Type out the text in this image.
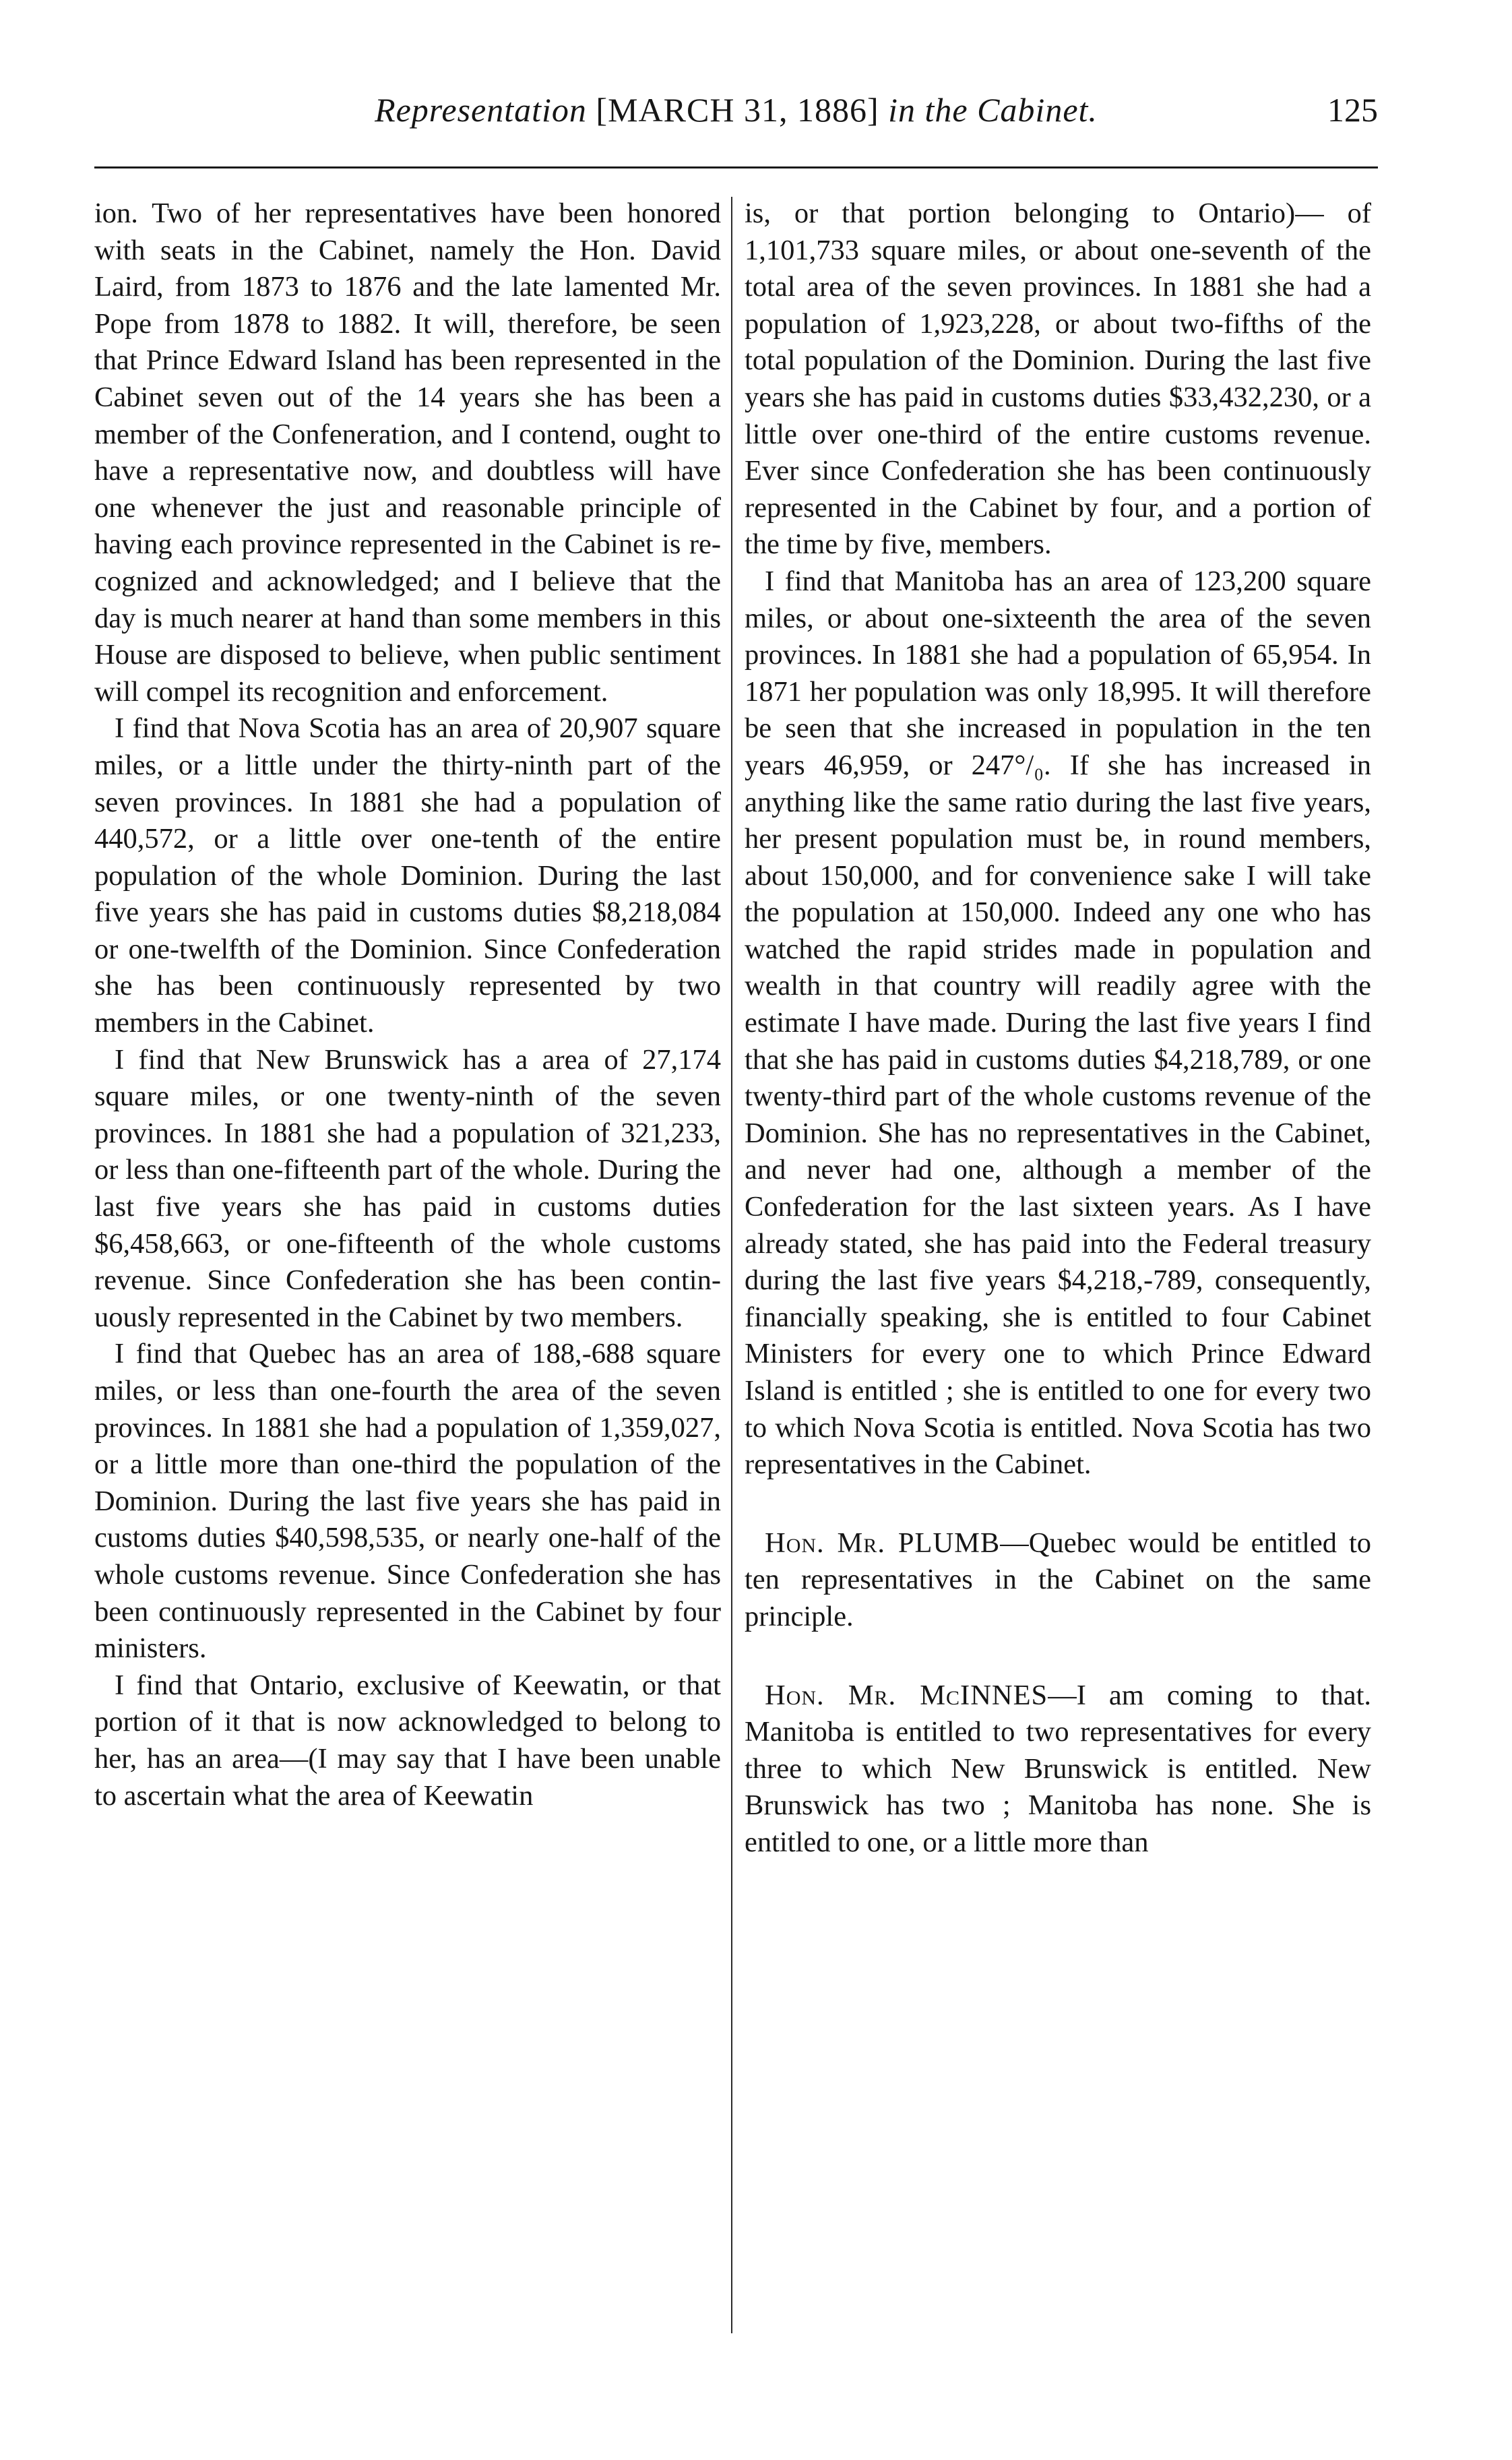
Representation [MARCH 31, 1886] in the Cabinet.	125

ion. Two of her representatives have been honored with seats in the Cabinet, namely the Hon. David Laird, from 1873 to 1876 and the late lamented Mr. Pope from 1878 to 1882. It will, therefore, be seen that Prince Edward Island has been represented in the Cabinet seven out of the 14 years she has been a member of the Confeneration, and I contend, ought to have a representative now, and doubtless will have one whenever the just and reasonable principle of having each province represented in the Cabinet is recognized and acknowledged; and I believe that the day is much nearer at hand than some members in this House are disposed to believe, when public sentiment will compel its recognition and enforcement.

I find that Nova Scotia has an area of 20,907 square miles, or a little under the thirty-ninth part of the seven provinces. In 1881 she had a population of 440,572, or a little over one-tenth of the entire population of the whole Dominion. During the last five years she has paid in customs duties $8,218,084 or one-twelfth of the Dominion. Since Confederation she has been continuously represented by two members in the Cabinet.

I find that New Brunswick has a area of 27,174 square miles, or one twenty-ninth of the seven provinces. In 1881 she had a population of 321,233, or less than one-fifteenth part of the whole. During the last five years she has paid in customs duties $6,458,663, or one-fifteenth of the whole customs revenue. Since Confederation she has been continuously represented in the Cabinet by two members.

I find that Quebec has an area of 188,-688 square miles, or less than one-fourth the area of the seven provinces. In 1881 she had a population of 1,359,027, or a little more than one-third the population of the Dominion. During the last five years she has paid in customs duties $40,598,535, or nearly one-half of the whole customs revenue. Since Confederation she has been continuously represented in the Cabinet by four ministers.

I find that Ontario, exclusive of Keewatin, or that portion of it that is now acknowledged to belong to her, has an area—(I may say that I have been unable to ascertain what the area of Keewatin

is, or that portion belonging to Ontario)— of 1,101,733 square miles, or about one-seventh of the total area of the seven provinces. In 1881 she had a population of 1,923,228, or about two-fifths of the total population of the Dominion. During the last five years she has paid in customs duties $33,432,230, or a little over one-third of the entire customs revenue. Ever since Confederation she has been continuously represented in the Cabinet by four, and a portion of the time by five, members.

I find that Manitoba has an area of 123,200 square miles, or about one-sixteenth the area of the seven provinces. In 1881 she had a population of 65,954. In 1871 her population was only 18,995. It will therefore be seen that she increased in population in the ten years 46,959, or 247°/₀. If she has increased in anything like the same ratio during the last five years, her present population must be, in round members, about 150,000, and for convenience sake I will take the population at 150,000. Indeed any one who has watched the rapid strides made in population and wealth in that country will readily agree with the estimate I have made. During the last five years I find that she has paid in customs duties $4,218,789, or one twenty-third part of the whole customs revenue of the Dominion. She has no representatives in the Cabinet, and never had one, although a member of the Confederation for the last sixteen years. As I have already stated, she has paid into the Federal treasury during the last five years $4,218,-789, consequently, financially speaking, she is entitled to four Cabinet Ministers for every one to which Prince Edward Island is entitled ; she is entitled to one for every two to which Nova Scotia is entitled. Nova Scotia has two representatives in the Cabinet.

Hon. Mr. PLUMB—Quebec would be entitled to ten representatives in the Cabinet on the same principle.

Hon. Mr. McINNES—I am coming to that. Manitoba is entitled to two representatives for every three to which New Brunswick is entitled. New Brunswick has two ; Manitoba has none. She is entitled to one, or a little more than
